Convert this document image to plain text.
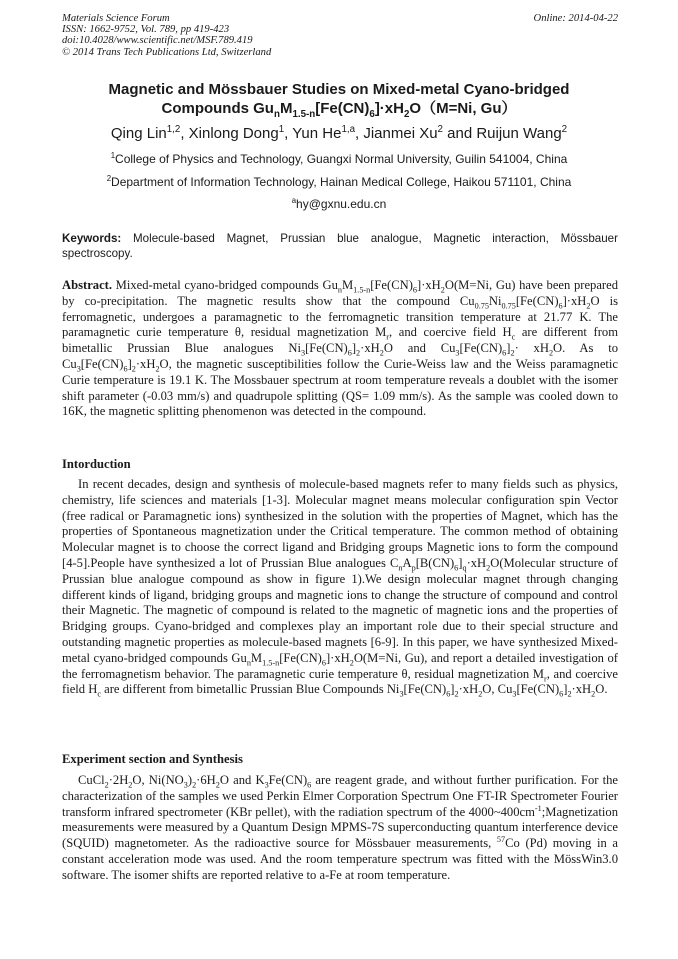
Materials Science Forum
ISSN: 1662-9752, Vol. 789, pp 419-423
doi:10.4028/www.scientific.net/MSF.789.419
© 2014 Trans Tech Publications Ltd, Switzerland
Online: 2014-04-22
Magnetic and Mössbauer Studies on Mixed-metal Cyano-bridged
Compounds $Gu_nM_{1.5-n}[Fe(CN)_6]\cdot xH_2O(M=Ni$, Gu）
Qing Lin$^{1,2}$, Xinlong Dong$^1$, Yun He$^{1,a}$, Jianmei Xu$^2$ and Ruijun Wang$^2$
$^1$College of Physics and Technology, Guangxi Normal University, Guilin 541004, China
$^2$Department of Information Technology, Hainan Medical College, Haikou 571101, China
$^a$hy@gxnu.edu.cn
Keywords: Molecule-based Magnet, Prussian blue analogue, Magnetic interaction, Mössbauer spectroscopy.
Abstract. Mixed-metal cyano-bridged compounds $Gu_nM_{1.5-n}[Fe(CN)_6]\cdot xH_2O(M=Ni$, Gu) have been prepared by co-precipitation. The magnetic results show that the compound $Cu_{0.75}Ni_{0.75}[Fe(CN)_6]\cdot xH_2O$ is ferromagnetic, undergoes a paramagnetic to the ferromagnetic transition temperature at 21.77 K. The paramagnetic curie temperature θ, residual magnetization $M_r$, and coercive field $H_c$ are different from bimetallic Prussian Blue analogues $Ni_3[Fe(CN)_6]_2\cdot xH_2O$ and $Cu_3[Fe(CN)_6]_2\cdot xH_2O$. As to $Cu_3[Fe(CN)_6]_2\cdot xH_2O$, the magnetic susceptibilities follow the Curie-Weiss law and the Weiss paramagnetic Curie temperature is 19.1 K. The Mossbauer spectrum at room temperature reveals a doublet with the isomer shift parameter (-0.03 mm/s) and quadrupole splitting (QS= 1.09 mm/s). As the sample was cooled down to 16K, the magnetic splitting phenomenon was detected in the compound.
Intorduction
In recent decades, design and synthesis of molecule-based magnets refer to many fields such as physics, chemistry, life sciences and materials [1-3]. Molecular magnet means molecular configuration spin Vector (free radical or Paramagnetic ions) synthesized in the solution with the properties of Magnet, which has the properties of Spontaneous magnetization under the Critical temperature. The common method of obtaining Molecular magnet is to choose the correct ligand and Bridging groups Magnetic ions to form the compound [4-5].People have synthesized a lot of Prussian Blue analogues $C_nA_p[B(CN)_6]_q\cdot xH_2O(Molecular$ structure of Prussian blue analogue compound as show in figure 1).We design molecular magnet through changing different kinds of ligand, bridging groups and magnetic ions to change the structure of compound and control their Magnetic. The magnetic of compound is related to the magnetic of magnetic ions and the properties of Bridging groups. Cyano-bridged and complexes play an important role due to their special structure and outstanding magnetic properties as molecule-based magnets [6-9]. In this paper, we have synthesized Mixed-metal cyano-bridged compounds $Gu_nM_{1.5-n}[Fe(CN)_6]\cdot xH_2O(M=Ni$, Gu), and report a detailed investigation of the ferromagnetism behavior. The paramagnetic curie temperature θ, residual magnetization $M_r$, and coercive field $H_c$ are different from bimetallic Prussian Blue Compounds $Ni_3[Fe(CN)_6]_2\cdot xH_2O$, $Cu_3[Fe(CN)_6]_2\cdot xH_2O$.
Experiment section and Synthesis
$CuCl_2\cdot 2H_2O$, $Ni(NO_3)_2\cdot 6H_2O$ and $K_3Fe(CN)_6$ are reagent grade, and without further purification. For the characterization of the samples we used Perkin Elmer Corporation Spectrum One FT-IR Spectrometer Fourier transform infrared spectrometer (KBr pellet), with the radiation spectrum of the $4000\sim 400cm^{-1};Magnetization$ measurements were measured by a Quantum Design MPMS-7S superconducting quantum interference device (SQUID) magnetometer. As the radioactive source for Mössbauer measurements, $^{57}$Co (Pd) moving in a constant acceleration mode was used. And the room temperature spectrum was fitted with the MössWin3.0 software. The isomer shifts are reported relative to a-Fe at room temperature.
